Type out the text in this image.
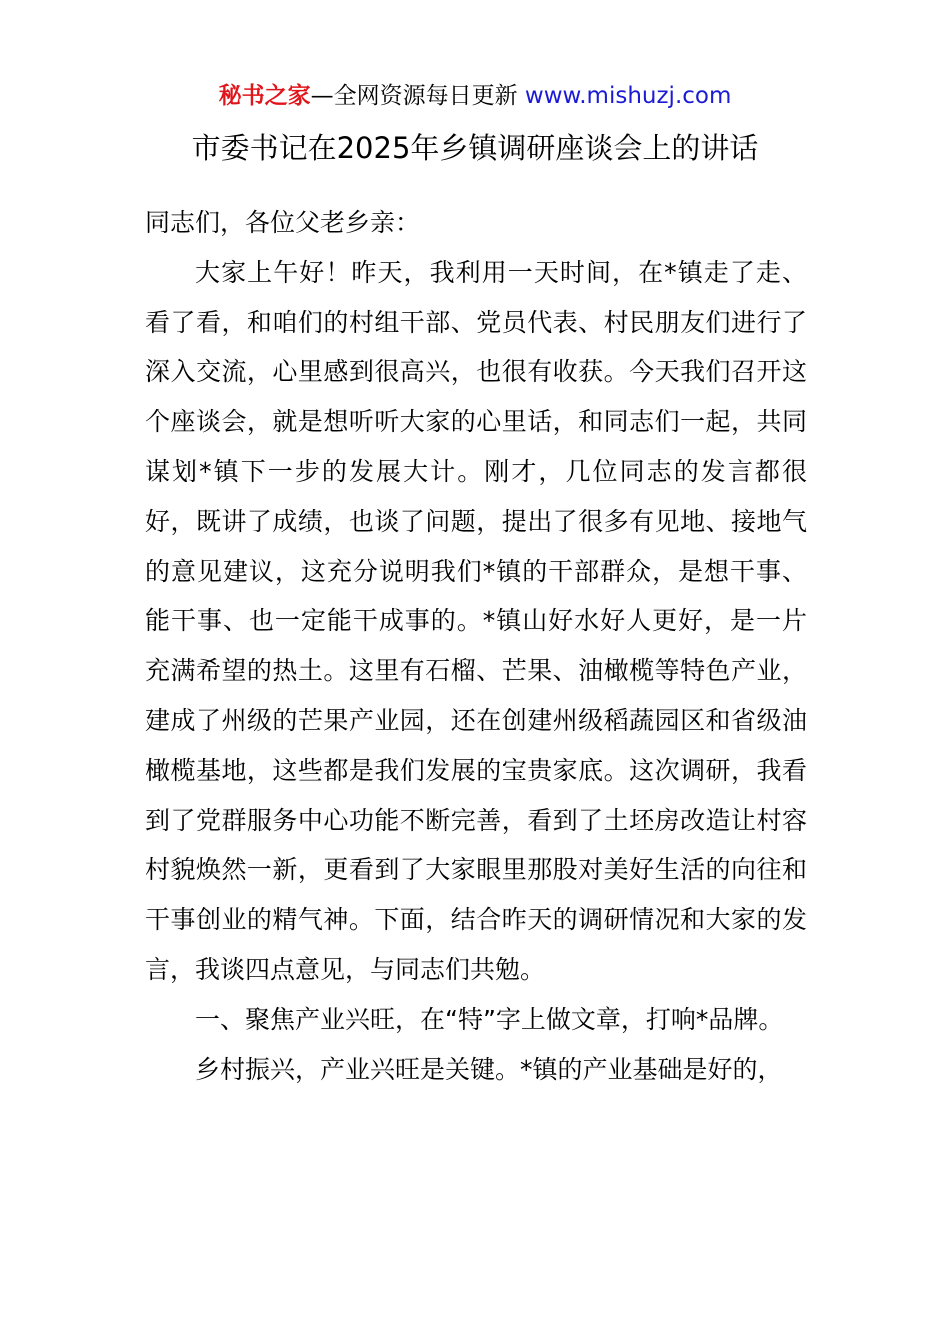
秘书之家—全网资源每日更新 www.mishuzj.com
市委书记在2025年乡镇调研座谈会上的讲话

同志们，各位父老乡亲：

大家上午好！昨天，我利用一天时间，在*镇走了走、看了看，和咱们的村组干部、党员代表、村民朋友们进行了深入交流，心里感到很高兴，也很有收获。今天我们召开这个座谈会，就是想听听大家的心里话，和同志们一起，共同谋划*镇下一步的发展大计。刚才，几位同志的发言都很好，既讲了成绩，也谈了问题，提出了很多有见地、接地气的意见建议，这充分说明我们*镇的干部群众，是想干事、能干事、也一定能干成事的。*镇山好水好人更好，是一片充满希望的热土。这里有石榴、芒果、油橄榄等特色产业，建成了州级的芒果产业园，还在创建州级稻蔬园区和省级油橄榄基地，这些都是我们发展的宝贵家底。这次调研，我看到了党群服务中心功能不断完善，看到了土坯房改造让村容村貌焕然一新，更看到了大家眼里那股对美好生活的向往和干事创业的精气神。下面，结合昨天的调研情况和大家的发言，我谈四点意见，与同志们共勉。

一、聚焦产业兴旺，在“特”字上做文章，打响*品牌。

乡村振兴，产业兴旺是关键。*镇的产业基础是好的，
